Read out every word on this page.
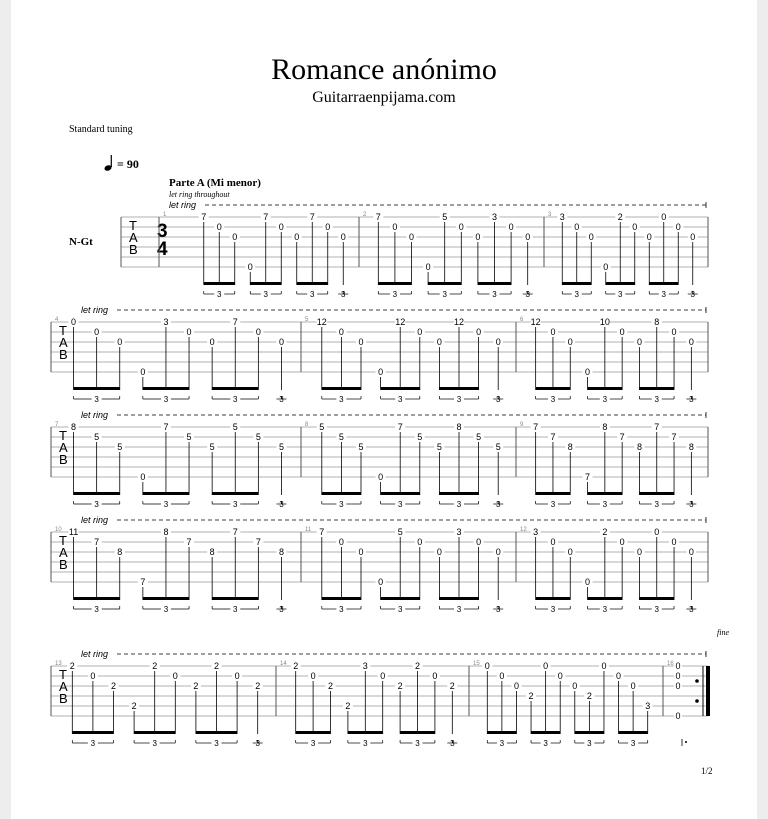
Romance anónimo
Guitarraenpijama.com
Standard tuning
= 90
Parte A (Mi menor)
let ring throughout
N-Gt
fine
1/2
let ring
T
A
B
3
4
1	7
0
0
0
7
0
0
7
0
0
3	3	3	3
2 7
0
0
0
5
0
0
3
0
0
3	3	3	3
3 3
0
0
0
2
0
0
0
0
0
3	3	3	3
let ring
T
A
B
4 0
0
0
0
3
0
0
7
0
0
3	3	3	3
5 12
0
0
0
12
0
0
12
0
0
3	3	3	3
6 12
0
0
0
10
0
0
8
0
0
3	3	3	3
let ring
T
A
B
7 8
5
5
0
7
5
5
5
5
5
3	3	3	3
8 5
5
5
0
7
5
5
8
5
5
3	3	3	3
9 7
7
8
7
8
7
8
7
7
8
3	3	3	3
let ring
T
A
B
10 11
7
8
7
8
7
8
7
7
8
3	3	3	3
11 7
0
0
0
5
0
0
3
0
0
3	3	3	3
12 3
0
0
0
2
0
0
0
0
0
3	3	3	3
let ring
T
A
B
13 2
0
2
2
2
0
2
2
0
2
3	3	3	3
14 2
0
2
2
3
0
2
2
0
2
3	3	3	3
15 0
0
0
2
0
0
0
2
0
0
0
3
3	3	3	3
16 0
0
0
0
